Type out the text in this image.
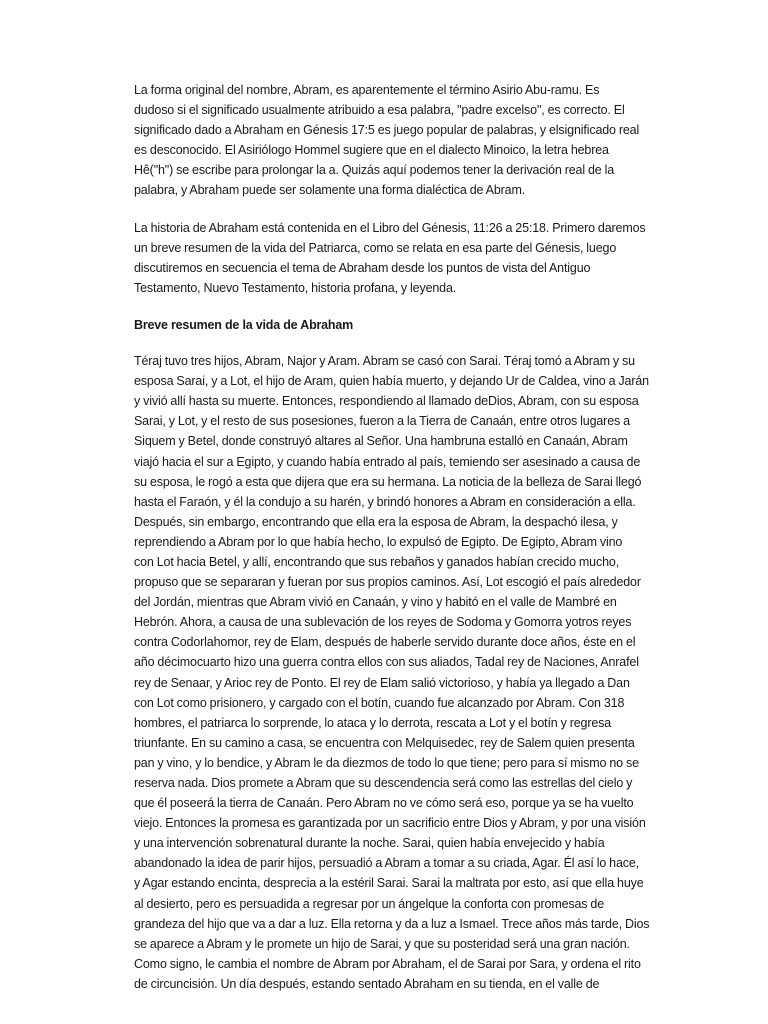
La forma original del nombre, Abram, es aparentemente el término Asirio Abu-ramu. Es
dudoso si el significado usualmente atribuido a esa palabra, "padre excelso", es correcto. El
significado dado a Abraham en Génesis 17:5 es juego popular de palabras, y elsignificado real
es desconocido. El Asiriólogo Hommel sugiere que en el dialecto Minoico, la letra hebrea
Hê("h") se escribe para prolongar la a. Quizás aquí podemos tener la derivación real de la
palabra, y Abraham puede ser solamente una forma dialéctica de Abram.

La historia de Abraham está contenida en el Libro del Génesis, 11:26 a 25:18. Primero daremos
un breve resumen de la vida del Patriarca, como se relata en esa parte del Génesis, luego
discutiremos en secuencia el tema de Abraham desde los puntos de vista del Antiguo
Testamento, Nuevo Testamento, historia profana, y leyenda.

Breve resumen de la vida de Abraham

Téraj tuvo tres hijos, Abram, Najor y Aram. Abram se casó con Sarai. Téraj tomó a Abram y su
esposa Sarai, y a Lot, el hijo de Aram, quien había muerto, y dejando Ur de Caldea, vino a Jarán
y vivió allí hasta su muerte. Entonces, respondiendo al llamado deDios, Abram, con su esposa
Sarai, y Lot, y el resto de sus posesiones, fueron a la Tierra de Canaán, entre otros lugares a
Siquem y Betel, donde construyó altares al Señor. Una hambruna estalló en Canaán, Abram
viajó hacia el sur a Egipto, y cuando había entrado al país, temiendo ser asesinado a causa de
su esposa, le rogó a esta que dijera que era su hermana. La noticia de la belleza de Sarai llegó
hasta el Faraón, y él la condujo a su harén, y brindó honores a Abram en consideración a ella.
Después, sin embargo, encontrando que ella era la esposa de Abram, la despachó ilesa, y
reprendiendo a Abram por lo que había hecho, lo expulsó de Egipto. De Egipto, Abram vino
con Lot hacia Betel, y allí, encontrando que sus rebaños y ganados habían crecido mucho,
propuso que se separaran y fueran por sus propios caminos. Así, Lot escogió el país alrededor
del Jordán, mientras que Abram vivió en Canaán, y vino y habitó en el valle de Mambré en
Hebrón. Ahora, a causa de una sublevación de los reyes de Sodoma y Gomorra yotros reyes
contra Codorlahomor, rey de Elam, después de haberle servido durante doce años, éste en el
año décimocuarto hizo una guerra contra ellos con sus aliados, Tadal rey de Naciones, Anrafel
rey de Senaar, y Arioc rey de Ponto. El rey de Elam salió victorioso, y había ya llegado a Dan
con Lot como prisionero, y cargado con el botín, cuando fue alcanzado por Abram. Con 318
hombres, el patriarca lo sorprende, lo ataca y lo derrota, rescata a Lot y el botín y regresa
triunfante. En su camino a casa, se encuentra con Melquisedec, rey de Salem quien presenta
pan y vino, y lo bendice, y Abram le da diezmos de todo lo que tiene; pero para sí mismo no se
reserva nada. Dios promete a Abram que su descendencia será como las estrellas del cielo y
que él poseerá la tierra de Canaán. Pero Abram no ve cómo será eso, porque ya se ha vuelto
viejo. Entonces la promesa es garantizada por un sacrificio entre Dios y Abram, y por una visión
y una intervención sobrenatural durante la noche. Sarai, quien había envejecido y había
abandonado la idea de parir hijos, persuadió a Abram a tomar a su criada, Agar. Él así lo hace,
y Agar estando encinta, desprecia a la estéril Sarai. Sarai la maltrata por esto, así que ella huye
al desierto, pero es persuadida a regresar por un ángelque la conforta con promesas de
grandeza del hijo que va a dar a luz. Ella retorna y da a luz a Ismael. Trece años más tarde, Dios
se aparece a Abram y le promete un hijo de Sarai, y que su posteridad será una gran nación.
Como signo, le cambia el nombre de Abram por Abraham, el de Sarai por Sara, y ordena el rito
de circuncisión. Un día después, estando sentado Abraham en su tienda, en el valle de
